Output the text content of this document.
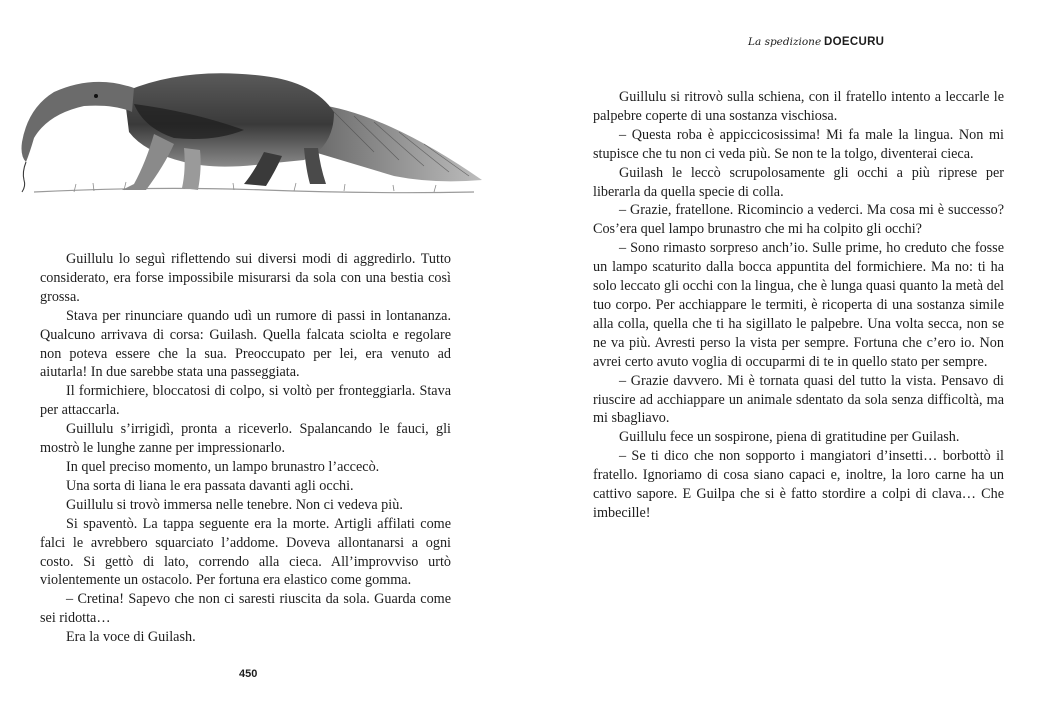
Guillulu lo seguì riflettendo sui diversi modi di aggredirlo. Tutto considerato, era forse impossibile misurarsi da sola con una bestia così grossa.

Stava per rinunciare quando udì un rumore di passi in lontananza. Qualcuno arrivava di corsa: Guilash. Quella falcata sciolta e regolare non poteva essere che la sua. Preoccupato per lei, era venuto ad aiutarla! In due sarebbe stata una passeggiata.

Il formichiere, bloccatosi di colpo, si voltò per fronteggiarla. Stava per attaccarla.

Guillulu s’irrigidì, pronta a riceverlo. Spalancando le fauci, gli mostrò le lunghe zanne per impressionarlo.

In quel preciso momento, un lampo brunastro l’accecò.

Una sorta di liana le era passata davanti agli occhi.

Guillulu si trovò immersa nelle tenebre. Non ci vedeva più.

Si spaventò. La tappa seguente era la morte. Artigli affilati come falci le avrebbero squarciato l’addome. Doveva allontanarsi a ogni costo. Si gettò di lato, correndo alla cieca. All’improvviso urtò violentemente un ostacolo. Per fortuna era elastico come gomma.

– Cretina! Sapevo che non ci saresti riuscita da sola. Guarda come sei ridotta…

Era la voce di Guilash.

450
La spedizione DOECURU

Guillulu si ritrovò sulla schiena, con il fratello intento a leccarle le palpebre coperte di una sostanza vischiosa.

– Questa roba è appiccicosissima! Mi fa male la lingua. Non mi stupisce che tu non ci veda più. Se non te la tolgo, diventerai cieca.

Guilash le leccò scrupolosamente gli occhi a più riprese per liberarla da quella specie di colla.

– Grazie, fratellone. Ricomincio a vederci. Ma cosa mi è successo? Cos’era quel lampo brunastro che mi ha colpito gli occhi?

– Sono rimasto sorpreso anch’io. Sulle prime, ho creduto che fosse un lampo scaturito dalla bocca appuntita del formichiere. Ma no: ti ha solo leccato gli occhi con la lingua, che è lunga quasi quanto la metà del tuo corpo. Per acchiappare le termiti, è ricoperta di una sostanza simile alla colla, quella che ti ha sigillato le palpebre. Una volta secca, non se ne va più. Avresti perso la vista per sempre. Fortuna che c’ero io. Non avrei certo avuto voglia di occuparmi di te in quello stato per sempre.

– Grazie davvero. Mi è tornata quasi del tutto la vista. Pensavo di riuscire ad acchiappare un animale sdentato da sola senza difficoltà, ma mi sbagliavo.

Guillulu fece un sospirone, piena di gratitudine per Guilash.

– Se ti dico che non sopporto i mangiatori d’insetti… borbottò il fratello. Ignoriamo di cosa siano capaci e, inoltre, la loro carne ha un cattivo sapore. E Guilpa che si è fatto stordire a colpi di clava… Che imbecille!
